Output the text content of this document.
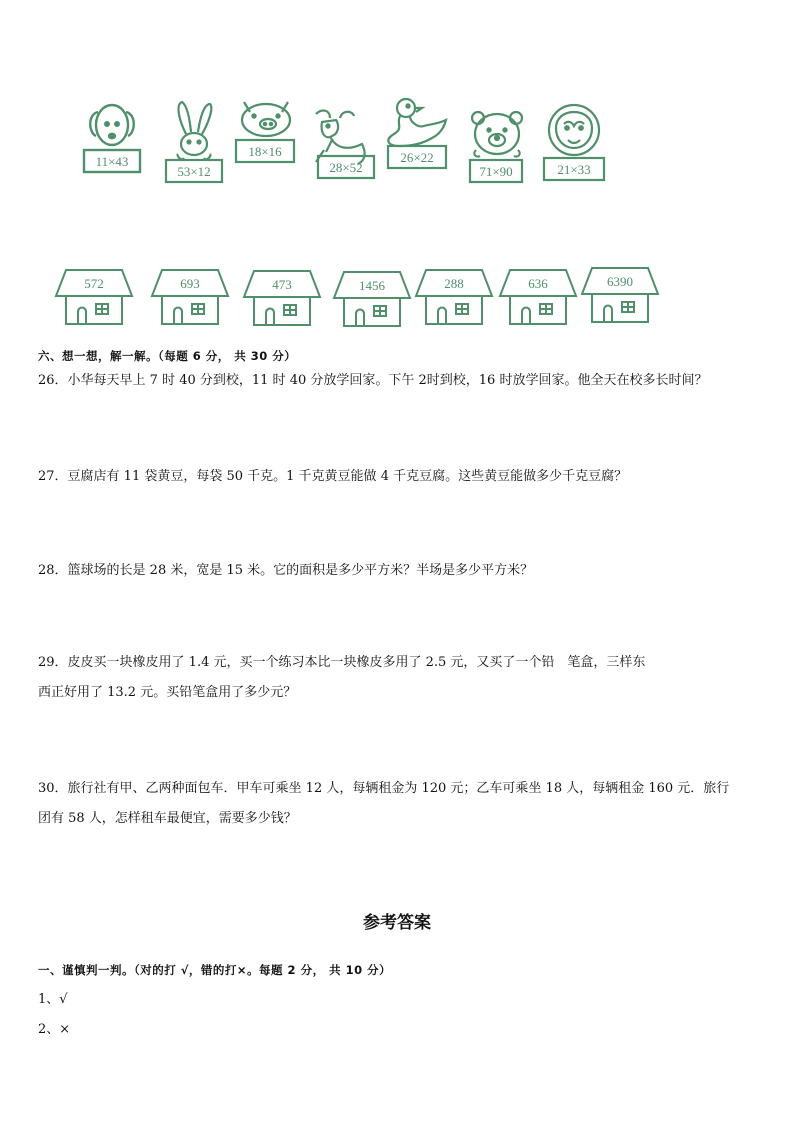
11×43
53×12
18×16
28×52
26×22
71×90	21×33
572	693	473	1456	288	636	6390
六、想一想，解一解。（每题 6 分， 共 30 分）
26．小华每天早上 7 时 40 分到校，11 时 40 分放学回家。下午 2时到校，16 时放学回家。他全天在校多长时间？
27．豆腐店有 11 袋黄豆，每袋 50 千克。1 千克黄豆能做 4 千克豆腐。这些黄豆能做多少千克豆腐？
28．篮球场的长是 28 米，宽是 15 米。它的面积是多少平方米？半场是多少平方米？
29．皮皮买一块橡皮用了 1.4 元，买一个练习本比一块橡皮多用了 2.5 元，又买了一个铅　笔盒，三样东
西正好用了 13.2 元。买铅笔盒用了多少元？
30．旅行社有甲、乙两种面包车．甲车可乘坐 12 人，每辆租金为 120 元；乙车可乘坐 18 人，每辆租金 160 元．旅行
团有 58 人，怎样租车最便宜，需要多少钱？
参考答案
一、谨慎判一判。（对的打 √，错的打×。每题 2 分， 共 10 分）
1、√
2、×
